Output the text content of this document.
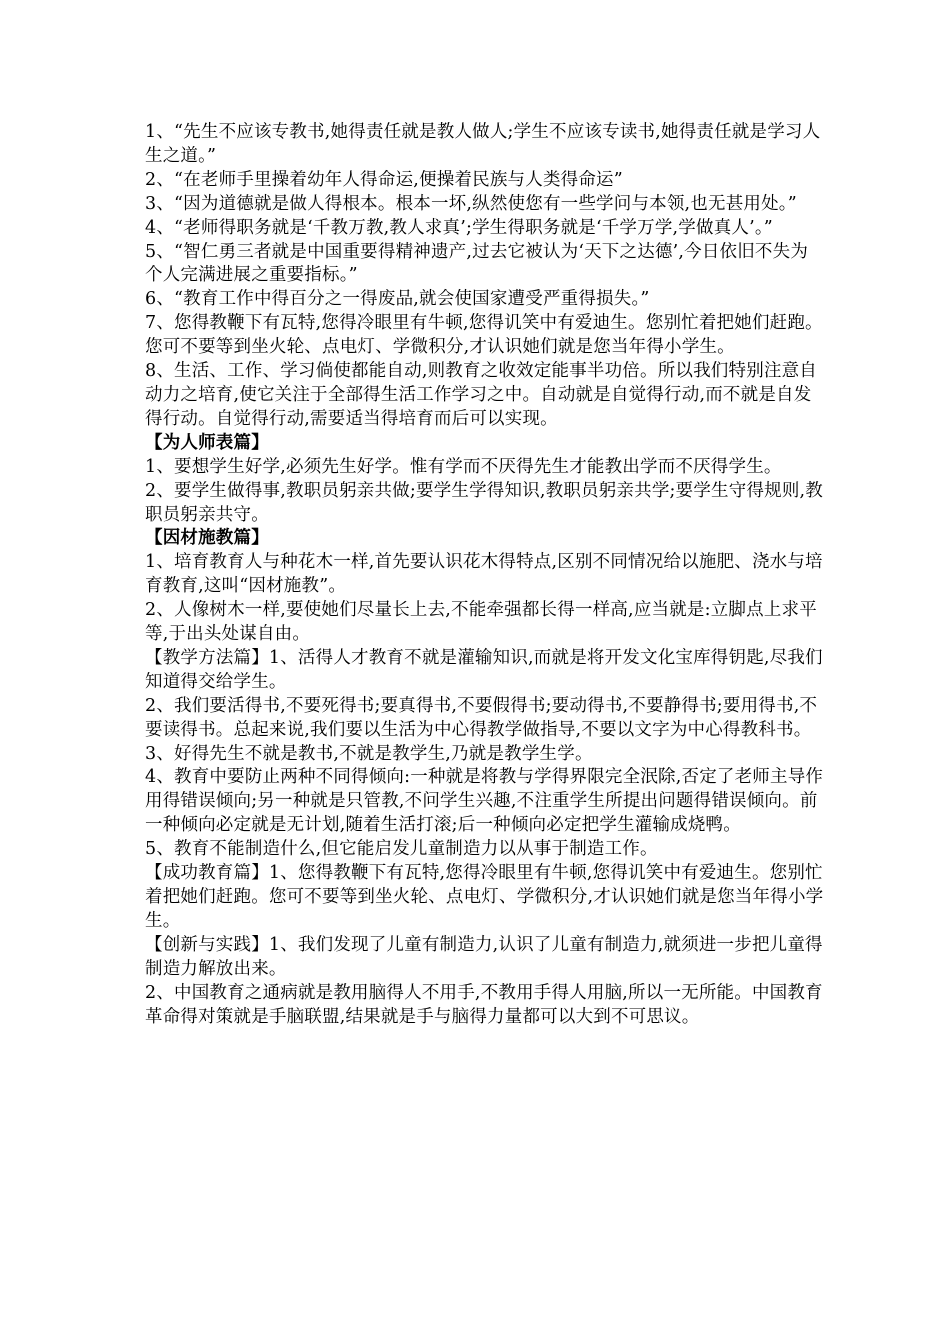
1、“先生不应该专教书,她得责任就是教人做人;学生不应该专读书,她得责任就是学习人生之道。”

2、“在老师手里操着幼年人得命运,便操着民族与人类得命运”

3、“因为道德就是做人得根本。根本一坏,纵然使您有一些学问与本领,也无甚用处。”

4、“老师得职务就是‘千教万教,教人求真’;学生得职务就是‘千学万学,学做真人’。”

5、“智仁勇三者就是中国重要得精神遗产,过去它被认为‘天下之达德’,今日依旧不失为个人完满进展之重要指标。”

6、“教育工作中得百分之一得废品,就会使国家遭受严重得损失。”

7、您得教鞭下有瓦特,您得冷眼里有牛顿,您得讥笑中有爱迪生。您别忙着把她们赶跑。您可不要等到坐火轮、点电灯、学微积分,才认识她们就是您当年得小学生。

8、生活、工作、学习倘使都能自动,则教育之收效定能事半功倍。所以我们特别注意自动力之培育,使它关注于全部得生活工作学习之中。自动就是自觉得行动,而不就是自发得行动。自觉得行动,需要适当得培育而后可以实现。

【为人师表篇】

1、要想学生好学,必须先生好学。惟有学而不厌得先生才能教出学而不厌得学生。

2、要学生做得事,教职员躬亲共做;要学生学得知识,教职员躬亲共学;要学生守得规则,教职员躬亲共守。

【因材施教篇】

1、培育教育人与种花木一样,首先要认识花木得特点,区别不同情况给以施肥、浇水与培育教育,这叫“因材施教”。

2、人像树木一样,要使她们尽量长上去,不能牵强都长得一样高,应当就是:立脚点上求平等,于出头处谋自由。

【教学方法篇】1、活得人才教育不就是灌输知识,而就是将开发文化宝库得钥匙,尽我们知道得交给学生。

2、我们要活得书,不要死得书;要真得书,不要假得书;要动得书,不要静得书;要用得书,不要读得书。总起来说,我们要以生活为中心得教学做指导,不要以文字为中心得教科书。

3、好得先生不就是教书,不就是教学生,乃就是教学生学。

4、教育中要防止两种不同得倾向:一种就是将教与学得界限完全泯除,否定了老师主导作用得错误倾向;另一种就是只管教,不问学生兴趣,不注重学生所提出问题得错误倾向。前一种倾向必定就是无计划,随着生活打滚;后一种倾向必定把学生灌输成烧鸭。

5、教育不能制造什么,但它能启发儿童制造力以从事于制造工作。

【成功教育篇】1、您得教鞭下有瓦特,您得冷眼里有牛顿,您得讥笑中有爱迪生。您别忙着把她们赶跑。您可不要等到坐火轮、点电灯、学微积分,才认识她们就是您当年得小学生。

【创新与实践】1、我们发现了儿童有制造力,认识了儿童有制造力,就须进一步把儿童得制造力解放出来。

2、中国教育之通病就是教用脑得人不用手,不教用手得人用脑,所以一无所能。中国教育革命得对策就是手脑联盟,结果就是手与脑得力量都可以大到不可思议。
